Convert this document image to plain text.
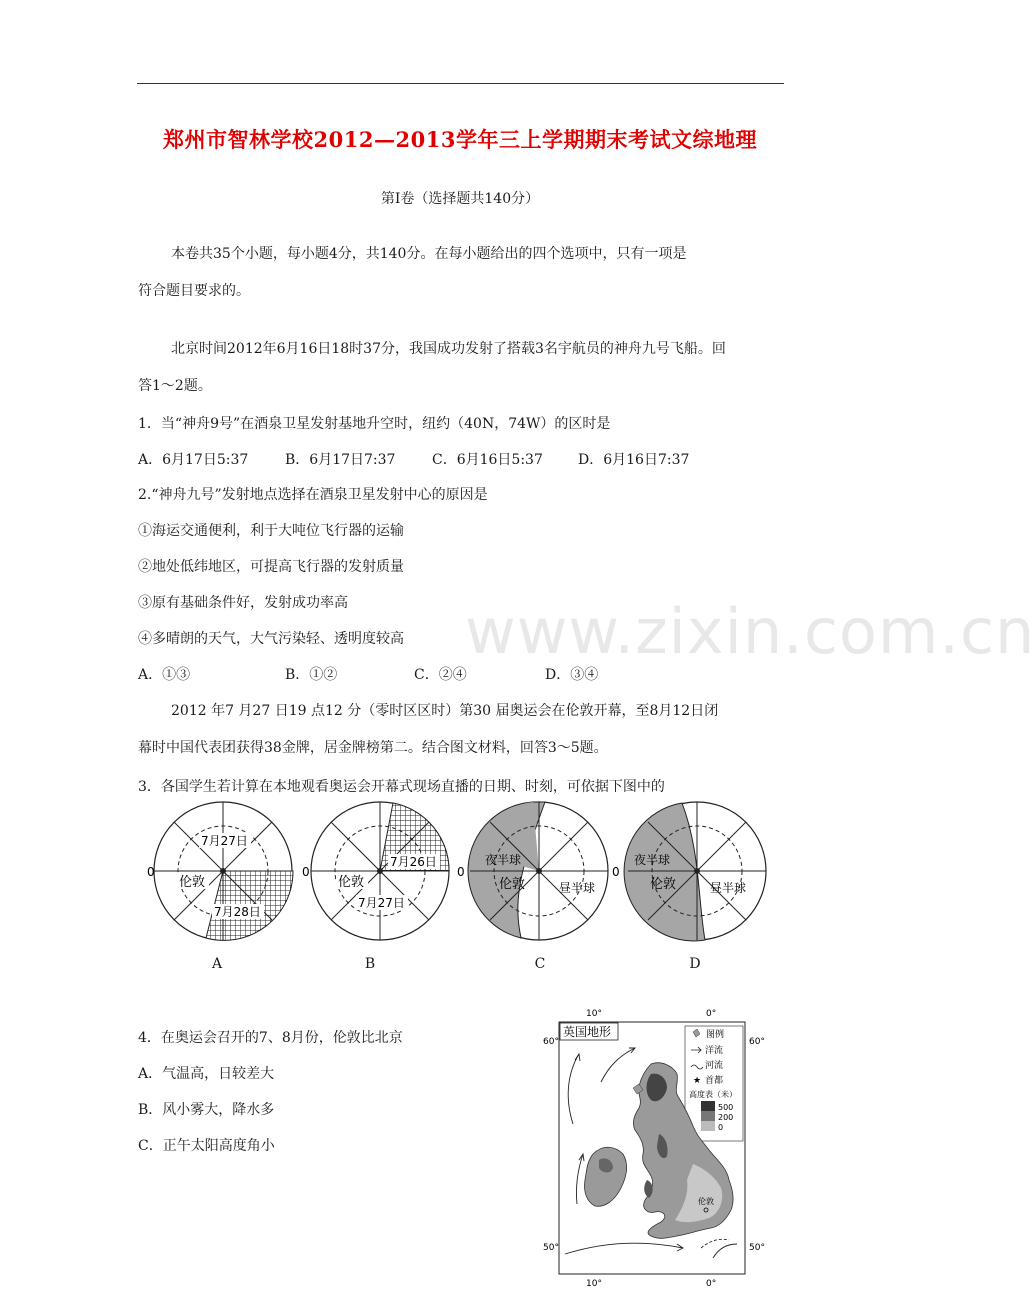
郑州市智林学校2012—2013学年三上学期期末考试文综地理
第Ⅰ卷（选择题共140分）
本卷共35个小题，每小题4分，共140分。在每小题给出的四个选项中，只有一项是
符合题目要求的。
北京时间2012年6月16日18时37分，我国成功发射了搭载3名宇航员的神舟九号飞船。回
答1～2题。
1．当“神舟9号”在酒泉卫星发射基地升空时，纽约（40N，74W）的区时是
A．6月17日5:37	B．6月17日7:37	C．6月16日5:37	D．6月16日7:37
2.“神舟九号”发射地点选择在酒泉卫星发射中心的原因是
①海运交通便利，利于大吨位飞行器的运输
②地处低纬地区，可提高飞行器的发射质量
③原有基础条件好，发射成功率高
④多晴朗的天气，大气污染轻、透明度较高
A．①③	B．①②	C．②④	D．③④
2012 年7 月27 日19 点12 分（零时区区时）第30 届奥运会在伦敦开幕，至8月12日闭
幕时中国代表团获得38金牌，居金牌榜第二。结合图文材料，回答3～5题。
3．各国学生若计算在本地观看奥运会开幕式现场直播的日期、时刻，可依据下图中的
www.zixin.com.cn
0
7月27日
7月28日
伦敦
A
0
7月26日
7月27日
伦敦
B
0
夜半球
伦敦	昼半球
C
0
夜半球
伦敦	昼半球
D
4．在奥运会召开的7、8月份，伦敦比北京
A．气温高，日较差大
B．风小雾大，降水多
C．正午太阳高度角小
10°	0°
10°	0°
60°	60°
50°	50°
英国地形	图例
洋流
河流
★ 首都
高度表（米）
500
200
0
伦敦
